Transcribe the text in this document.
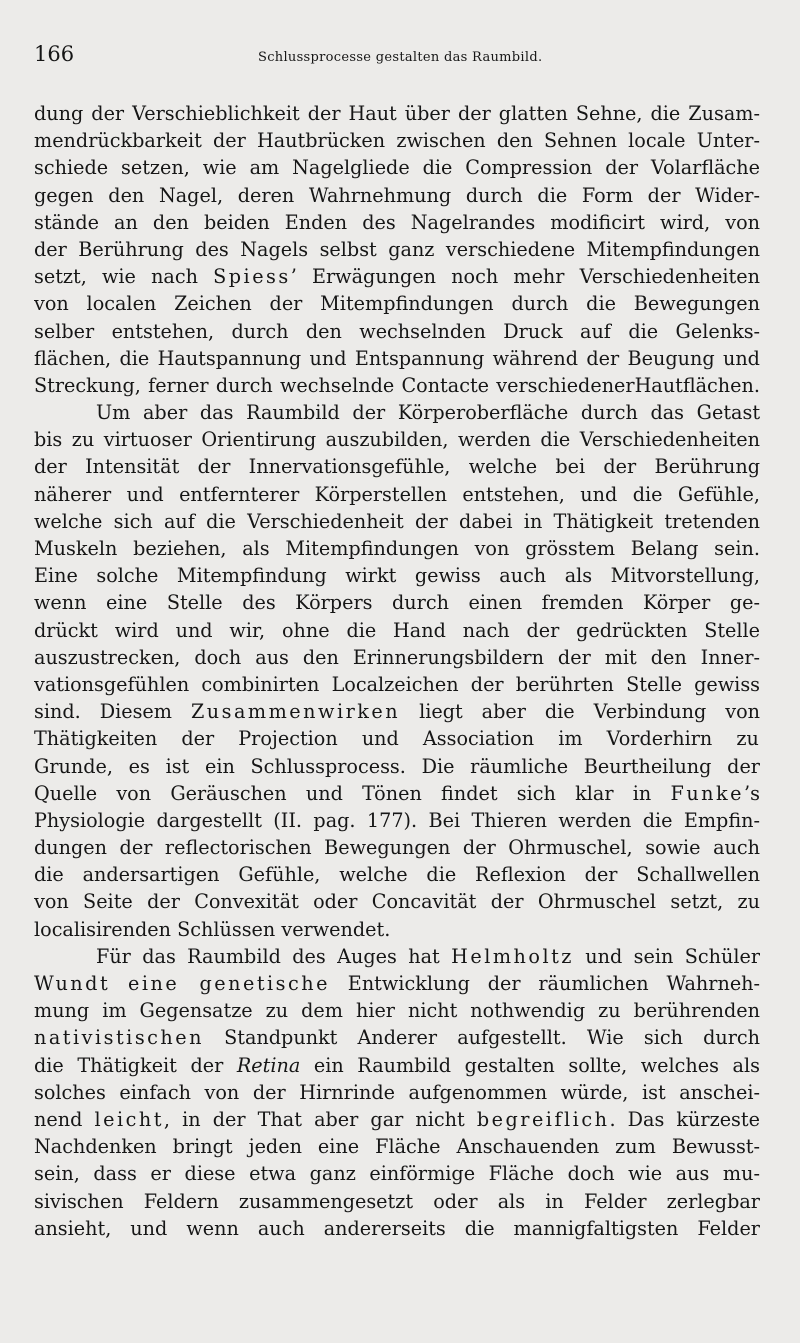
166	Schlussprocesse gestalten das Raumbild.
dung der Verschieblichkeit der Haut über der glatten Sehne, die Zusam-
mendrückbarkeit der Hautbrücken zwischen den Sehnen locale Unter-
schiede setzen, wie am Nagelgliede die Compression der Volarfläche
gegen den Nagel, deren Wahrnehmung durch die Form der Wider-
stände an den beiden Enden des Nagelrandes modificirt wird, von
der Berührung des Nagels selbst ganz verschiedene Mitempfindungen
setzt, wie nach Spiess’ Erwägungen noch mehr Verschiedenheiten
von localen Zeichen der Mitempfindungen durch die Bewegungen
selber entstehen, durch den wechselnden Druck auf die Gelenks-
flächen, die Hautspannung und Entspannung während der Beugung und
Streckung, ferner durch wechselnde Contacte verschiedenerHautflächen.
Um aber das Raumbild der Körperoberfläche durch das Getast
bis zu virtuoser Orientirung auszubilden, werden die Verschiedenheiten
der Intensität der Innervationsgefühle, welche bei der Berührung
näherer und entfernterer Körperstellen entstehen, und die Gefühle,
welche sich auf die Verschiedenheit der dabei in Thätigkeit tretenden
Muskeln beziehen, als Mitempfindungen von grösstem Belang sein.
Eine solche Mitempfindung wirkt gewiss auch als Mitvorstellung,
wenn eine Stelle des Körpers durch einen fremden Körper ge-
drückt wird und wir, ohne die Hand nach der gedrückten Stelle
auszustrecken, doch aus den Erinnerungsbildern der mit den Inner-
vationsgefühlen combinirten Localzeichen der berührten Stelle gewiss
sind. Diesem Zusammenwirken liegt aber die Verbindung von
Thätigkeiten der Projection und Association im Vorderhirn zu
Grunde, es ist ein Schlussprocess. Die räumliche Beurtheilung der
Quelle von Geräuschen und Tönen findet sich klar in Funke’s
Physiologie dargestellt (II. pag. 177). Bei Thieren werden die Empfin-
dungen der reflectorischen Bewegungen der Ohrmuschel, sowie auch
die andersartigen Gefühle, welche die Reflexion der Schallwellen
von Seite der Convexität oder Concavität der Ohrmuschel setzt, zu
localisirenden Schlüssen verwendet.
Für das Raumbild des Auges hat Helmholtz und sein Schüler
Wundt eine genetische Entwicklung der räumlichen Wahrneh-
mung im Gegensatze zu dem hier nicht nothwendig zu berührenden
nativistischen Standpunkt Anderer aufgestellt. Wie sich durch
die Thätigkeit der Retina ein Raumbild gestalten sollte, welches als
solches einfach von der Hirnrinde aufgenommen würde, ist anschei-
nend leicht, in der That aber gar nicht begreiflich. Das kürzeste
Nachdenken bringt jeden eine Fläche Anschauenden zum Bewusst-
sein, dass er diese etwa ganz einförmige Fläche doch wie aus mu-
sivischen Feldern zusammengesetzt oder als in Felder zerlegbar
ansieht, und wenn auch andererseits die mannigfaltigsten Felder
